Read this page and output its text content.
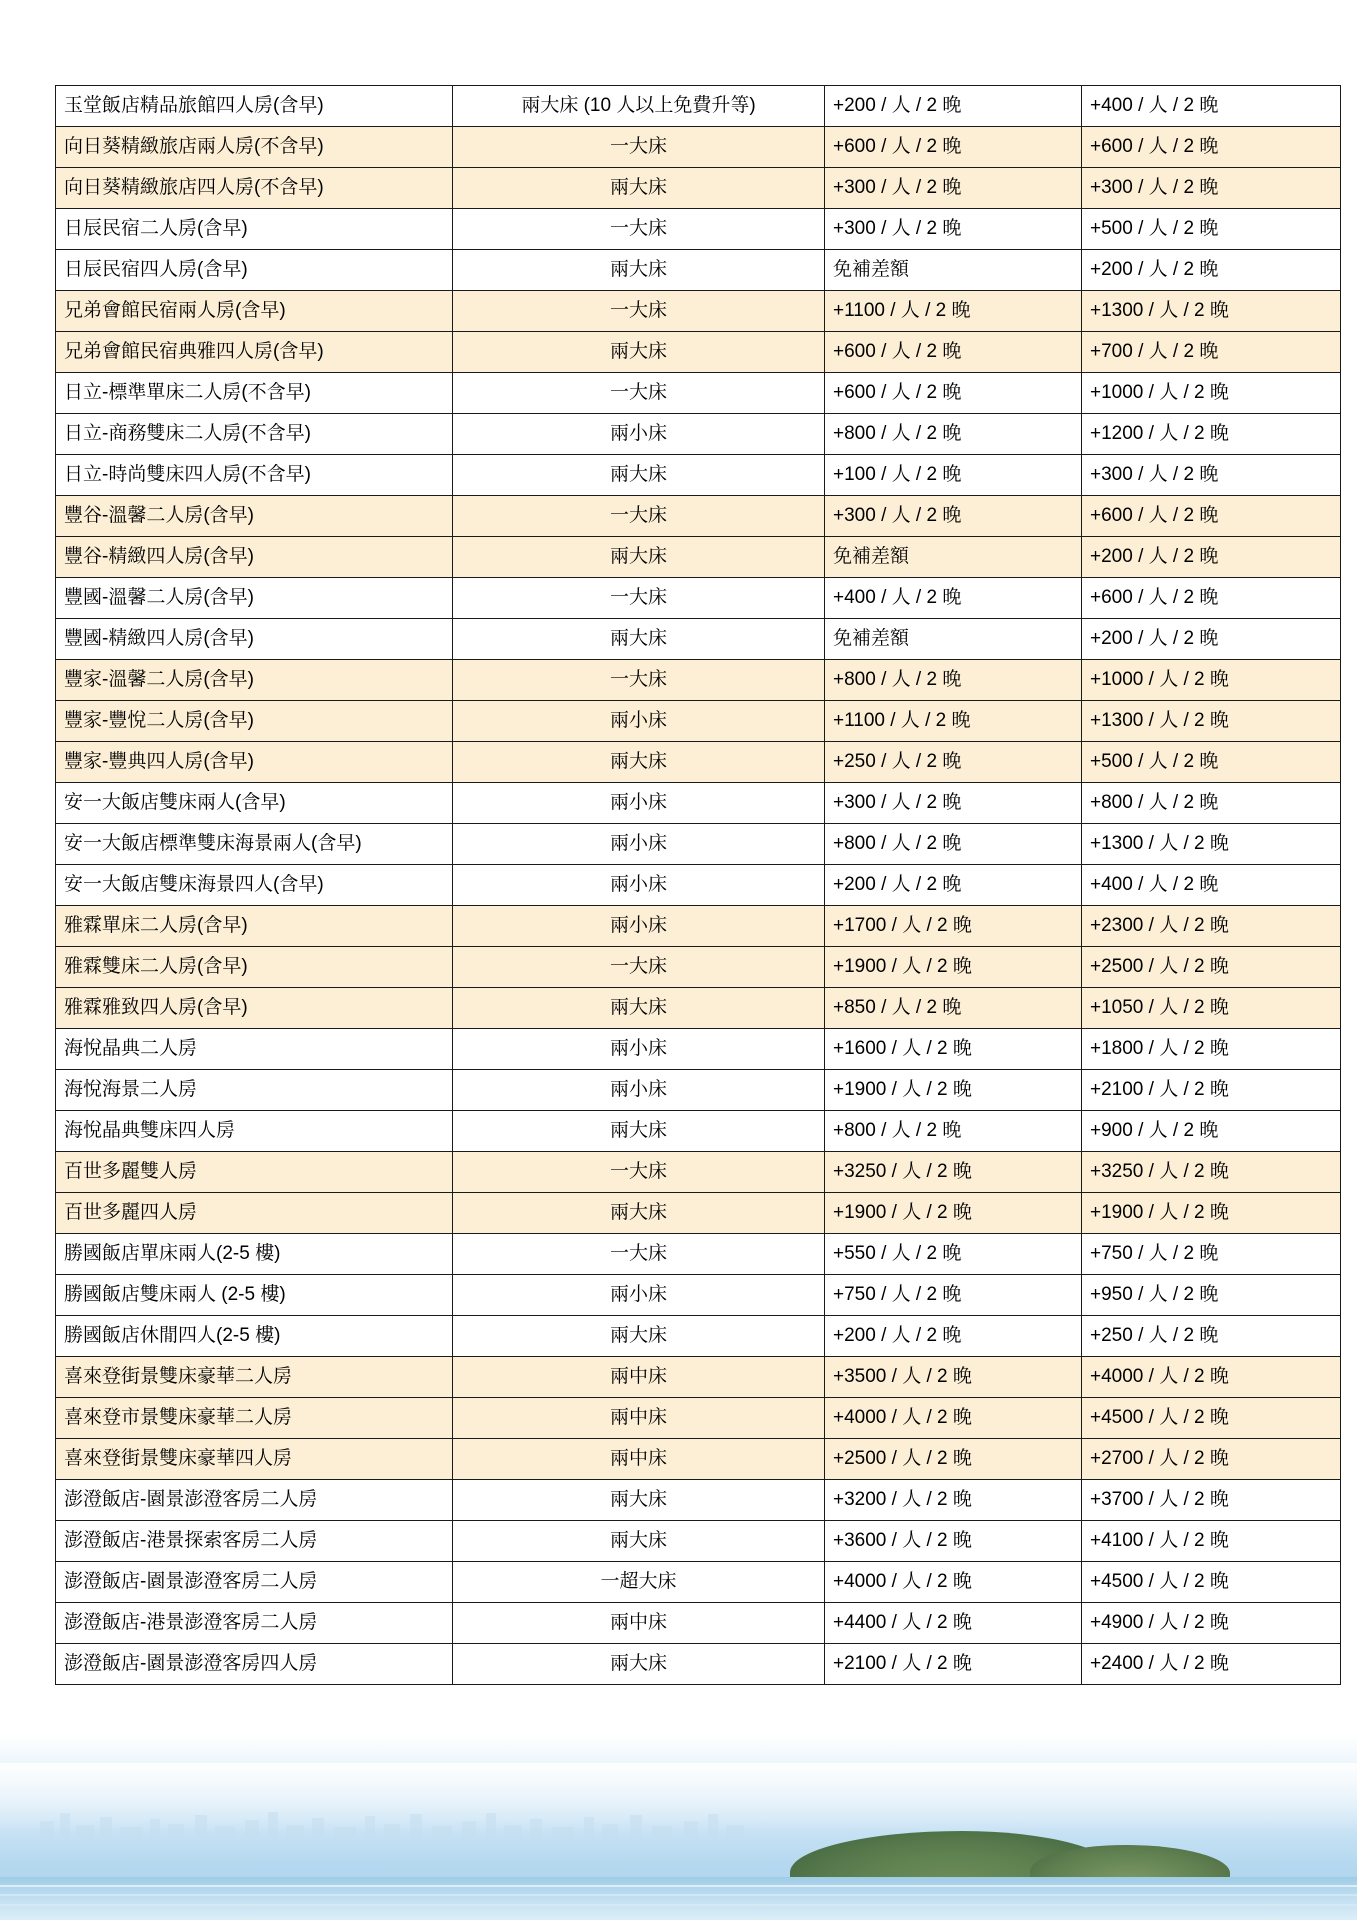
玉堂飯店精品旅館四人房(含早)	兩大床 (10 人以上免費升等)	+200 / 人 / 2 晚	+400 / 人 / 2 晚
向日葵精緻旅店兩人房(不含早)	一大床	+600 / 人 / 2 晚	+600 / 人 / 2 晚
向日葵精緻旅店四人房(不含早)	兩大床	+300 / 人 / 2 晚	+300 / 人 / 2 晚
日辰民宿二人房(含早)	一大床	+300 / 人 / 2 晚	+500 / 人 / 2 晚
日辰民宿四人房(含早)	兩大床	免補差額	+200 / 人 / 2 晚
兄弟會館民宿兩人房(含早)	一大床	+1100 / 人 / 2 晚	+1300 / 人 / 2 晚
兄弟會館民宿典雅四人房(含早)	兩大床	+600 / 人 / 2 晚	+700 / 人 / 2 晚
日立-標準單床二人房(不含早)	一大床	+600 / 人 / 2 晚	+1000 / 人 / 2 晚
日立-商務雙床二人房(不含早)	兩小床	+800 / 人 / 2 晚	+1200 / 人 / 2 晚
日立-時尚雙床四人房(不含早)	兩大床	+100 / 人 / 2 晚	+300 / 人 / 2 晚
豐谷-溫馨二人房(含早)	一大床	+300 / 人 / 2 晚	+600 / 人 / 2 晚
豐谷-精緻四人房(含早)	兩大床	免補差額	+200 / 人 / 2 晚
豐國-溫馨二人房(含早)	一大床	+400 / 人 / 2 晚	+600 / 人 / 2 晚
豐國-精緻四人房(含早)	兩大床	免補差額	+200 / 人 / 2 晚
豐家-溫馨二人房(含早)	一大床	+800 / 人 / 2 晚	+1000 / 人 / 2 晚
豐家-豐悅二人房(含早)	兩小床	+1100 / 人 / 2 晚	+1300 / 人 / 2 晚
豐家-豐典四人房(含早)	兩大床	+250 / 人 / 2 晚	+500 / 人 / 2 晚
安一大飯店雙床兩人(含早)	兩小床	+300 / 人 / 2 晚	+800 / 人 / 2 晚
安一大飯店標準雙床海景兩人(含早)	兩小床	+800 / 人 / 2 晚	+1300 / 人 / 2 晚
安一大飯店雙床海景四人(含早)	兩小床	+200 / 人 / 2 晚	+400 / 人 / 2 晚
雅霖單床二人房(含早)	兩小床	+1700 / 人 / 2 晚	+2300 / 人 / 2 晚
雅霖雙床二人房(含早)	一大床	+1900 / 人 / 2 晚	+2500 / 人 / 2 晚
雅霖雅致四人房(含早)	兩大床	+850 / 人 / 2 晚	+1050 / 人 / 2 晚
海悅晶典二人房	兩小床	+1600 / 人 / 2 晚	+1800 / 人 / 2 晚
海悅海景二人房	兩小床	+1900 / 人 / 2 晚	+2100 / 人 / 2 晚
海悅晶典雙床四人房	兩大床	+800 / 人 / 2 晚	+900 / 人 / 2 晚
百世多麗雙人房	一大床	+3250 / 人 / 2 晚	+3250 / 人 / 2 晚
百世多麗四人房	兩大床	+1900 / 人 / 2 晚	+1900 / 人 / 2 晚
勝國飯店單床兩人(2-5 樓)	一大床	+550 / 人 / 2 晚	+750 / 人 / 2 晚
勝國飯店雙床兩人 (2-5 樓)	兩小床	+750 / 人 / 2 晚	+950 / 人 / 2 晚
勝國飯店休閒四人(2-5 樓)	兩大床	+200 / 人 / 2 晚	+250 / 人 / 2 晚
喜來登街景雙床豪華二人房	兩中床	+3500 / 人 / 2 晚	+4000 / 人 / 2 晚
喜來登市景雙床豪華二人房	兩中床	+4000 / 人 / 2 晚	+4500 / 人 / 2 晚
喜來登街景雙床豪華四人房	兩中床	+2500 / 人 / 2 晚	+2700 / 人 / 2 晚
澎澄飯店-園景澎澄客房二人房	兩大床	+3200 / 人 / 2 晚	+3700 / 人 / 2 晚
澎澄飯店-港景探索客房二人房	兩大床	+3600 / 人 / 2 晚	+4100 / 人 / 2 晚
澎澄飯店-園景澎澄客房二人房	一超大床	+4000 / 人 / 2 晚	+4500 / 人 / 2 晚
澎澄飯店-港景澎澄客房二人房	兩中床	+4400 / 人 / 2 晚	+4900 / 人 / 2 晚
澎澄飯店-園景澎澄客房四人房	兩大床	+2100 / 人 / 2 晚	+2400 / 人 / 2 晚
